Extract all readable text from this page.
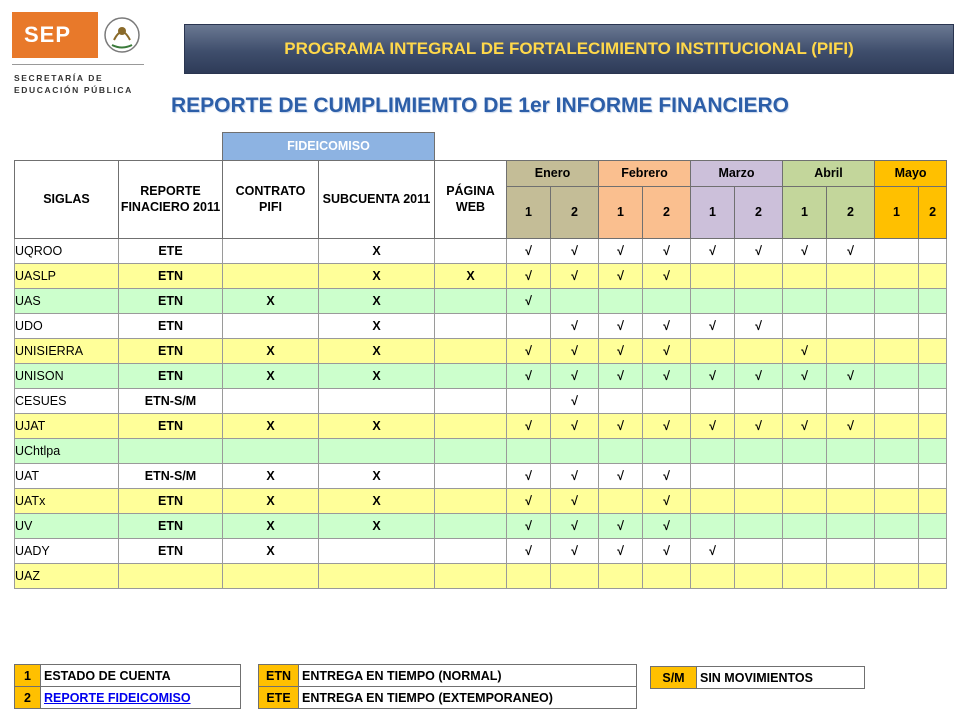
SEP
SECRETARÍA DE
EDUCACIÓN PÚBLICA
PROGRAMA INTEGRAL DE FORTALECIMIENTO INSTITUCIONAL (PIFI)
REPORTE DE CUMPLIMIEMTO DE 1er INFORME FINANCIERO
		FIDEICOMISO												
SIGLAS	REPORTE FINACIERO 2011	CONTRATO PIFI	SUBCUENTA 2011	PÁGINA WEB	Enero		Febrero		Marzo		Abril		Mayo	
					1	2	1	2	1	2	1	2	1	2
UQROO	ETE		X		√	√	√	√	√	√	√	√		
UASLP	ETN		X	X	√	√	√	√						
UAS	ETN	X	X		√									
UDO	ETN		X			√	√	√	√	√				
UNISIERRA	ETN	X	X		√	√	√	√			√			
UNISON	ETN	X	X		√	√	√	√	√	√	√	√		
CESUES	ETN-S/M					√								
UJAT	ETN	X	X		√	√	√	√	√	√	√	√		
UChtlpa														
UAT	ETN-S/M	X	X		√	√	√	√						
UATx	ETN	X	X		√	√		√						
UV	ETN	X	X		√	√	√	√						
UADY	ETN	X			√	√	√	√	√					
UAZ														
1	ESTADO DE CUENTA
2	REPORTE FIDEICOMISO
ETN	ENTREGA EN TIEMPO (NORMAL)
ETE	ENTREGA EN TIEMPO (EXTEMPORANEO)
S/M	SIN MOVIMIENTOS
